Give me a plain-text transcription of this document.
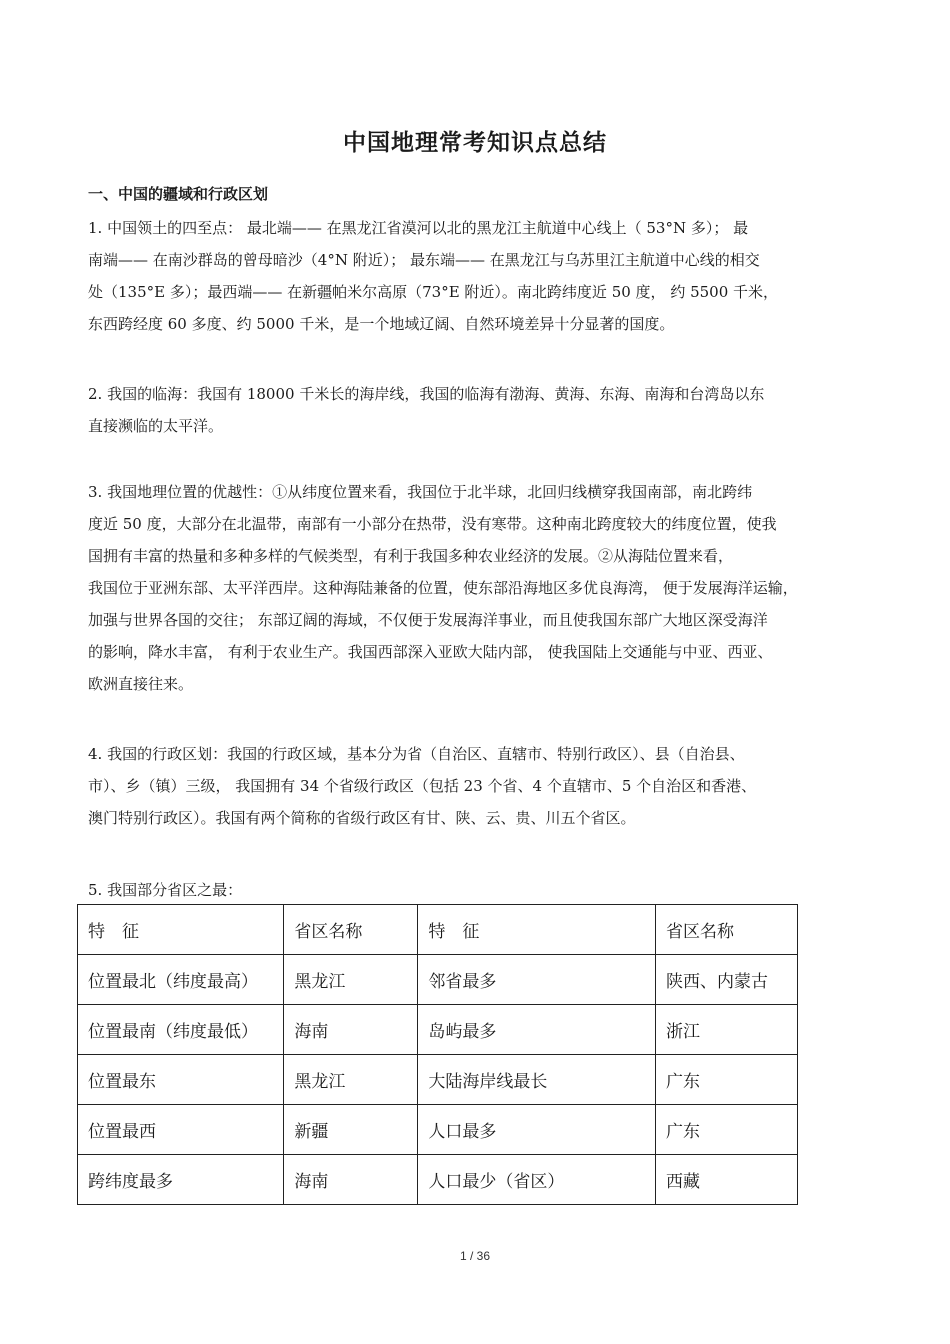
中国地理常考知识点总结
一、中国的疆域和行政区划
1. 中国领土的四至点： 最北端—— 在黑龙江省漠河以北的黑龙江主航道中心线上（ 53°N 多）； 最
南端—— 在南沙群岛的曾母暗沙（4°N 附近）； 最东端—— 在黑龙江与乌苏里江主航道中心线的相交
处（135°E 多）；最西端—— 在新疆帕米尔高原（73°E 附近）。南北跨纬度近 50 度， 约 5500 千米，
东西跨经度 60 多度、约 5000 千米，是一个地域辽阔、自然环境差异十分显著的国度。
2. 我国的临海：我国有 18000 千米长的海岸线，我国的临海有渤海、黄海、东海、南海和台湾岛以东
直接濒临的太平洋。
3. 我国地理位置的优越性：①从纬度位置来看，我国位于北半球，北回归线横穿我国南部，南北跨纬
度近 50 度，大部分在北温带，南部有一小部分在热带，没有寒带。这种南北跨度较大的纬度位置，使我
国拥有丰富的热量和多种多样的气候类型，有利于我国多种农业经济的发展。②从海陆位置来看，
我国位于亚洲东部、太平洋西岸。这种海陆兼备的位置，使东部沿海地区多优良海湾， 便于发展海洋运输，
加强与世界各国的交往； 东部辽阔的海域，不仅便于发展海洋事业，而且使我国东部广大地区深受海洋
的影响，降水丰富， 有利于农业生产。我国西部深入亚欧大陆内部， 使我国陆上交通能与中亚、西亚、
欧洲直接往来。
4. 我国的行政区划：我国的行政区域，基本分为省（自治区、直辖市、特别行政区）、县（自治县、
市）、乡（镇）三级， 我国拥有 34 个省级行政区（包括 23 个省、4 个直辖市、5 个自治区和香港、
澳门特别行政区）。我国有两个简称的省级行政区有甘、陕、云、贵、川五个省区。
5. 我国部分省区之最：
特　征	省区名称	特　征	省区名称
位置最北（纬度最高）	黑龙江	邻省最多	陕西、内蒙古
位置最南（纬度最低）	海南	岛屿最多	浙江
位置最东	黑龙江	大陆海岸线最长	广东
位置最西	新疆	人口最多	广东
跨纬度最多	海南	人口最少（省区）	西藏
1 / 36
